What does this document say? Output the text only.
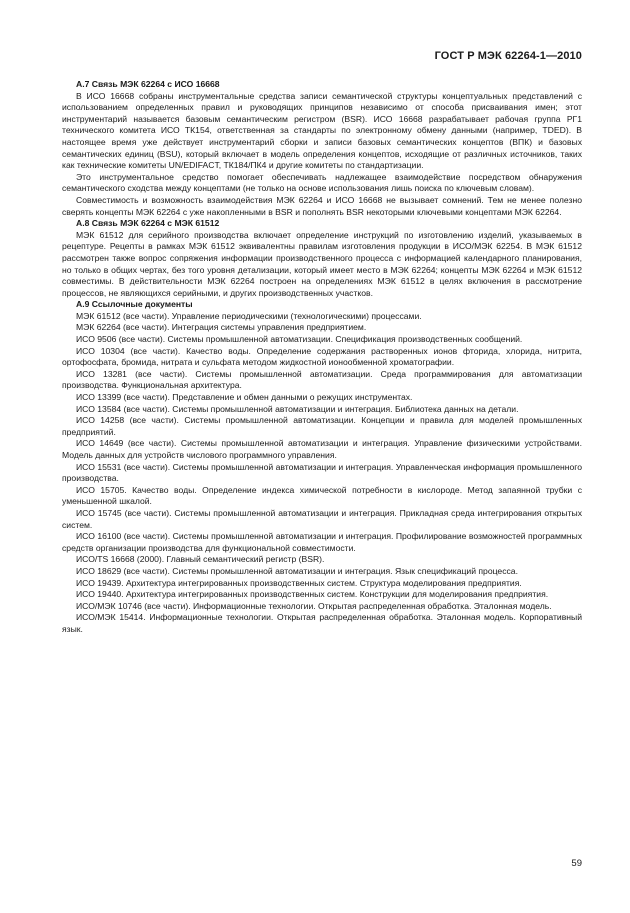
ГОСТ Р МЭК 62264-1—2010
А.7 Связь МЭК 62264 с ИСО 16668

В ИСО 16668 собраны инструментальные средства записи семантической структуры концептуальных представлений с использованием определенных правил и руководящих принципов независимо от способа присваивания имен; этот инструментарий называется базовым семантическим регистром (BSR). ИСО 16668 разрабатывает рабочая группа РГ1 технического комитета ИСО ТК154, ответственная за стандарты по электронному обмену данными (например, TDED). В настоящее время уже действует инструментарий сборки и записи базовых семантических концептов (ВПК) и базовых семантических единиц (BSU), который включает в модель определения концептов, исходящие от различных источников, таких как технические комитеты UN/EDIFACT, ТК184/ПК4 и другие комитеты по стандартизации.

Это инструментальное средство помогает обеспечивать надлежащее взаимодействие посредством обнаружения семантического сходства между концептами (не только на основе использования лишь поиска по ключевым словам).

Совместимость и возможность взаимодействия МЭК 62264 и ИСО 16668 не вызывает сомнений. Тем не менее полезно сверять концепты МЭК 62264 с уже накопленными в BSR и пополнять BSR некоторыми ключевыми концептами МЭК 62264.

А.8 Связь МЭК 62264 с МЭК 61512

МЭК 61512 для серийного производства включает определение инструкций по изготовлению изделий, указываемых в рецептуре. Рецепты в рамках МЭК 61512 эквивалентны правилам изготовления продукции в ИСО/МЭК 62254. В МЭК 61512 рассмотрен также вопрос сопряжения информации производственного процесса с информацией календарного планирования, но только в общих чертах, без того уровня детализации, который имеет место в МЭК 62264; концепты МЭК 62264 и МЭК 61512 совместимы. В действительности МЭК 62264 построен на определениях МЭК 61512 в целях включения в рассмотрение процессов, не являющихся серийными, и других производственных участков.

А.9 Ссылочные документы

МЭК 61512 (все части). Управление периодическими (технологическими) процессами.

МЭК 62264 (все части). Интеграция системы управления предприятием.

ИСО 9506 (все части). Системы промышленной автоматизации. Спецификация производственных сообщений.

ИСО 10304 (все части). Качество воды. Определение содержания растворенных ионов фторида, хлорида, нитрита, ортофосфата, бромида, нитрата и сульфата методом жидкостной ионообменной хроматографии.

ИСО 13281 (все части). Системы промышленной автоматизации. Среда программирования для автоматизации производства. Функциональная архитектура.

ИСО 13399 (все части). Представление и обмен данными о режущих инструментах.

ИСО 13584 (все части). Системы промышленной автоматизации и интеграция. Библиотека данных на детали.

ИСО 14258 (все части). Системы промышленной автоматизации. Концепции и правила для моделей промышленных предприятий.

ИСО 14649 (все части). Системы промышленной автоматизации и интеграция. Управление физическими устройствами. Модель данных для устройств числового программного управления.

ИСО 15531 (все части). Системы промышленной автоматизации и интеграция. Управленческая информация промышленного производства.

ИСО 15705. Качество воды. Определение индекса химической потребности в кислороде. Метод запаянной трубки с уменьшенной шкалой.

ИСО 15745 (все части). Системы промышленной автоматизации и интеграция. Прикладная среда интегрирования открытых систем.

ИСО 16100 (все части). Системы промышленной автоматизации и интеграция. Профилирование возможностей программных средств организации производства для функциональной совместимости.

ИСО/TS 16668 (2000). Главный семантический регистр (BSR).

ИСО 18629 (все части). Системы промышленной автоматизации и интеграция. Язык спецификаций процесса.

ИСО 19439. Архитектура интегрированных производственных систем. Структура моделирования предприятия.

ИСО 19440. Архитектура интегрированных производственных систем. Конструкции для моделирования предприятия.

ИСО/МЭК 10746 (все части). Информационные технологии. Открытая распределенная обработка. Эталонная модель.

ИСО/МЭК 15414. Информационные технологии. Открытая распределенная обработка. Эталонная модель. Корпоративный язык.

59
